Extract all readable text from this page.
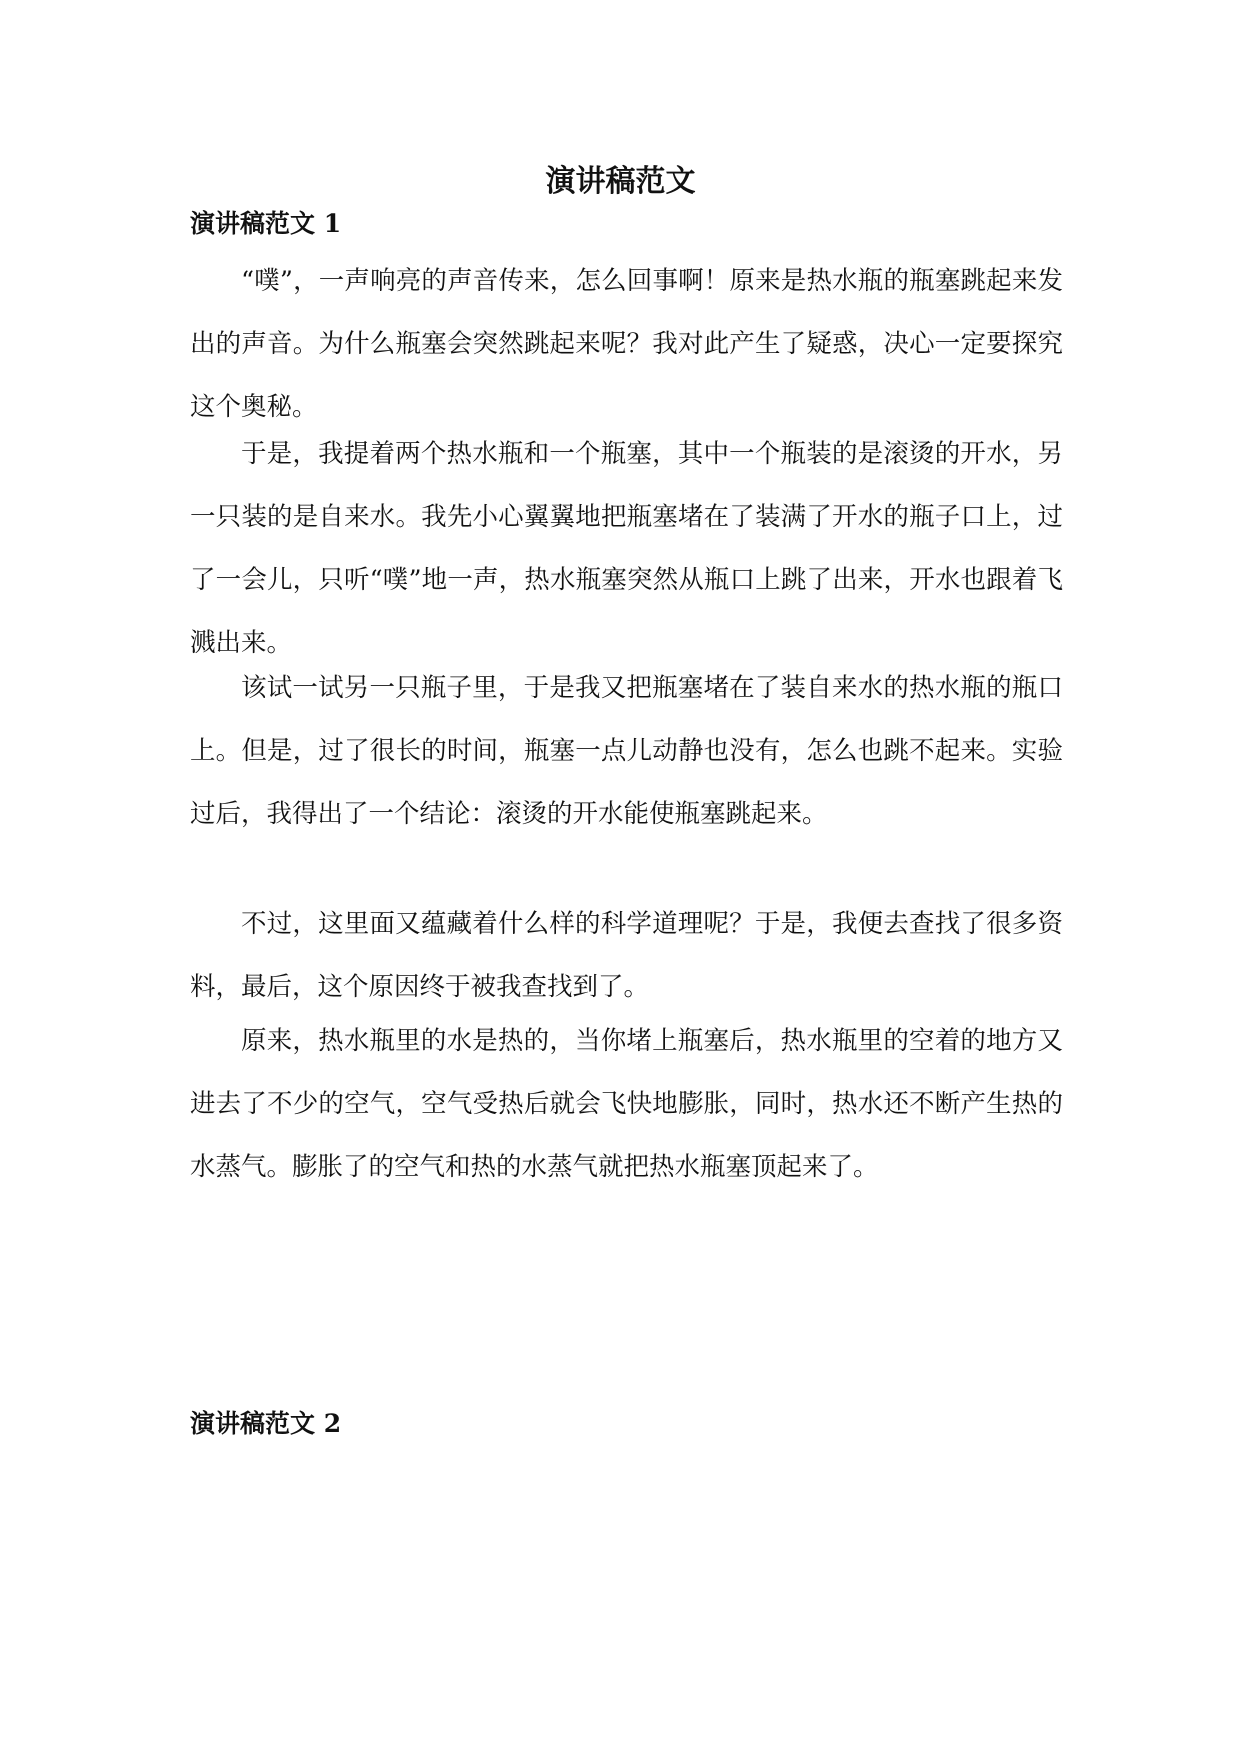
演讲稿范文
演讲稿范文 1

“噗”，一声响亮的声音传来，怎么回事啊！原来是热水瓶的瓶塞跳起来发出的声音。为什么瓶塞会突然跳起来呢？我对此产生了疑惑，决心一定要探究这个奥秘。

于是，我提着两个热水瓶和一个瓶塞，其中一个瓶装的是滚烫的开水，另一只装的是自来水。我先小心翼翼地把瓶塞堵在了装满了开水的瓶子口上，过了一会儿，只听“噗”地一声，热水瓶塞突然从瓶口上跳了出来，开水也跟着飞溅出来。

该试一试另一只瓶子里，于是我又把瓶塞堵在了装自来水的热水瓶的瓶口上。但是，过了很长的时间，瓶塞一点儿动静也没有，怎么也跳不起来。实验过后，我得出了一个结论：滚烫的开水能使瓶塞跳起来。

不过，这里面又蕴藏着什么样的科学道理呢？于是，我便去查找了很多资料，最后，这个原因终于被我查找到了。

原来，热水瓶里的水是热的，当你堵上瓶塞后，热水瓶里的空着的地方又进去了不少的空气，空气受热后就会飞快地膨胀，同时，热水还不断产生热的水蒸气。膨胀了的空气和热的水蒸气就把热水瓶塞顶起来了。

演讲稿范文 2
